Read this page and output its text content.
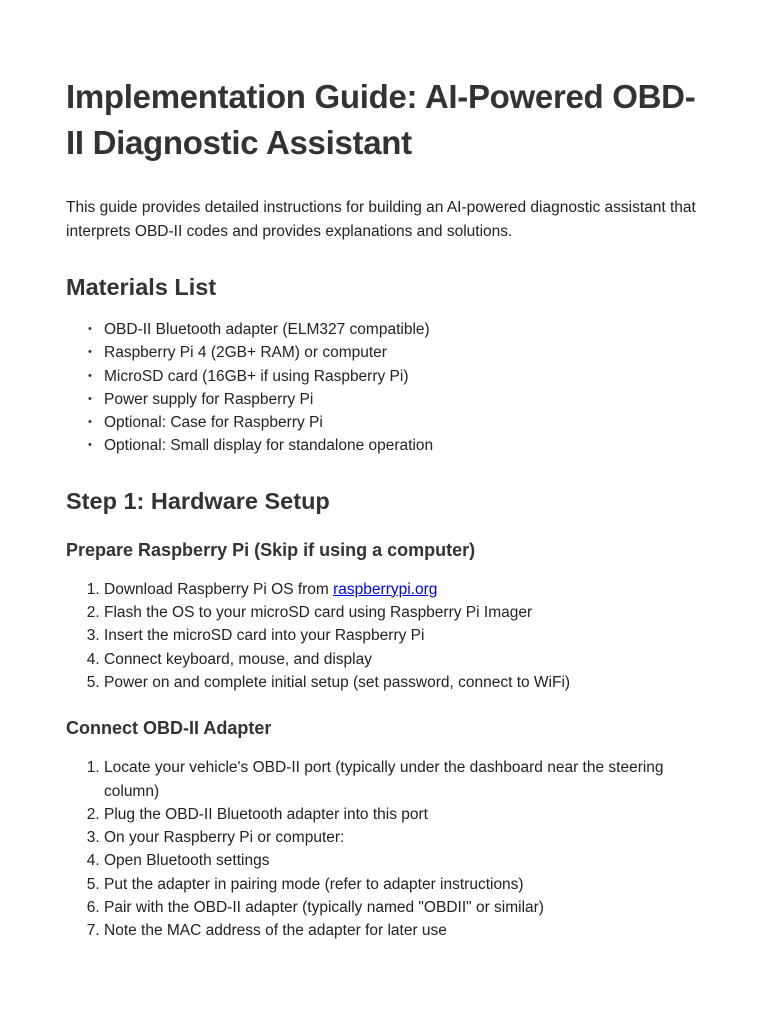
Implementation Guide: AI-Powered OBD-II Diagnostic Assistant

This guide provides detailed instructions for building an AI-powered diagnostic assistant that interprets OBD-II codes and provides explanations and solutions.

Materials List
• OBD-II Bluetooth adapter (ELM327 compatible)
• Raspberry Pi 4 (2GB+ RAM) or computer
• MicroSD card (16GB+ if using Raspberry Pi)
• Power supply for Raspberry Pi
• Optional: Case for Raspberry Pi
• Optional: Small display for standalone operation
Step 1: Hardware Setup
Prepare Raspberry Pi (Skip if using a computer)
1. Download Raspberry Pi OS from raspberrypi.org
2. Flash the OS to your microSD card using Raspberry Pi Imager
3. Insert the microSD card into your Raspberry Pi
4. Connect keyboard, mouse, and display
5. Power on and complete initial setup (set password, connect to WiFi)
Connect OBD-II Adapter
1. Locate your vehicle's OBD-II port (typically under the dashboard near the steering column)
2. Plug the OBD-II Bluetooth adapter into this port
3. On your Raspberry Pi or computer:
4. Open Bluetooth settings
5. Put the adapter in pairing mode (refer to adapter instructions)
6. Pair with the OBD-II adapter (typically named "OBDII" or similar)
7. Note the MAC address of the adapter for later use
